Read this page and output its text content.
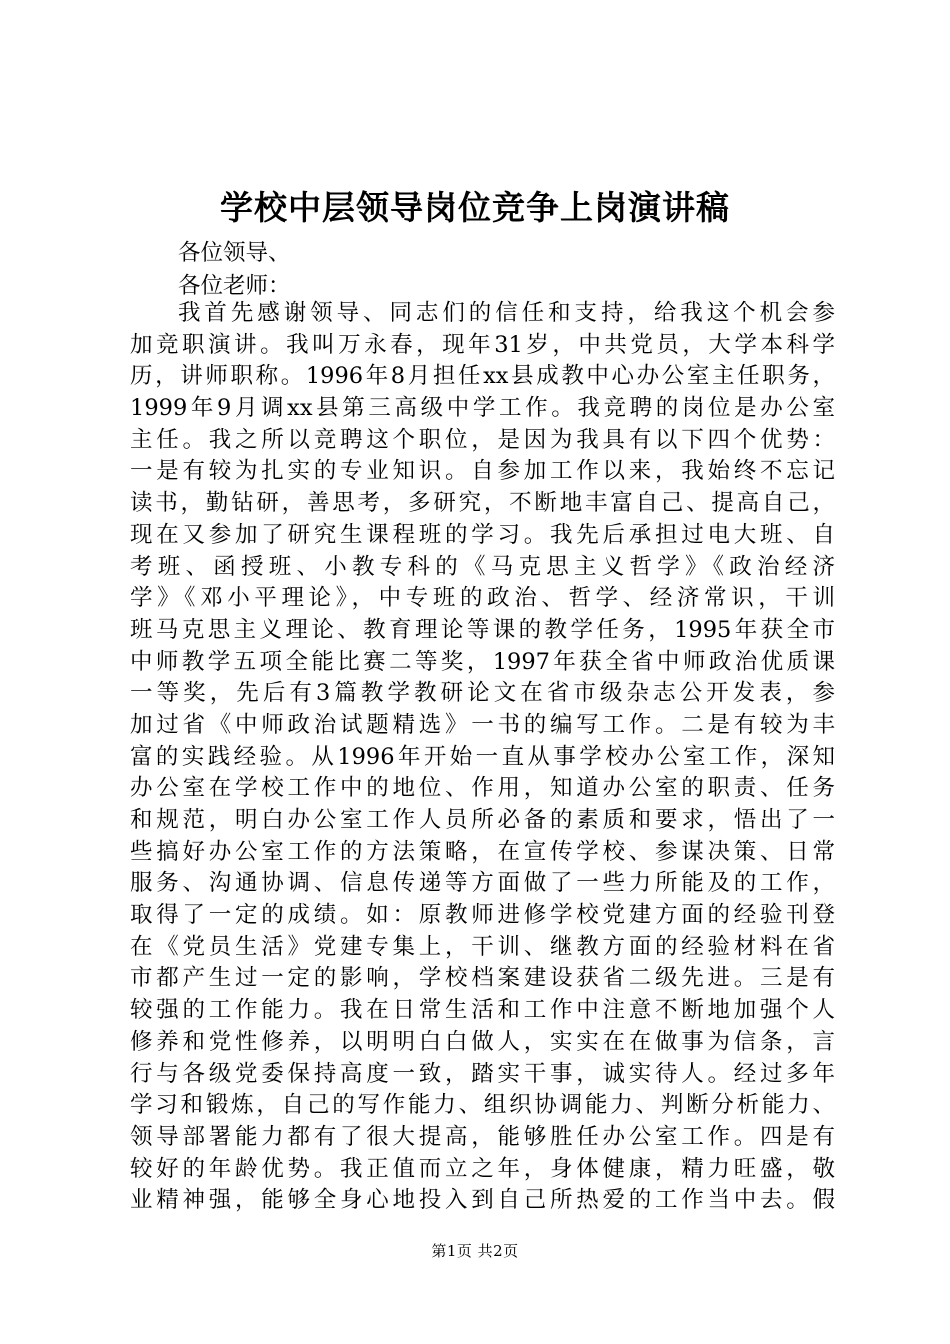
学校中层领导岗位竞争上岗演讲稿

各位领导、

各位老师：

我首先感谢领导、同志们的信任和支持，给我这个机会参
加竞职演讲。我叫万永春，现年31岁，中共党员，大学本科学
历，讲师职称。1996年8月担任xx县成教中心办公室主任职务，
1999年9月调xx县第三高级中学工作。我竞聘的岗位是办公室
主任。我之所以竞聘这个职位，是因为我具有以下四个优势：
一是有较为扎实的专业知识。自参加工作以来，我始终不忘记
读书，勤钻研，善思考，多研究，不断地丰富自己、提高自己，
现在又参加了研究生课程班的学习。我先后承担过电大班、自
考班、函授班、小教专科的《马克思主义哲学》《政治经济
学》《邓小平理论》，中专班的政治、哲学、经济常识，干训
班马克思主义理论、教育理论等课的教学任务，1995年获全市
中师教学五项全能比赛二等奖，1997年获全省中师政治优质课
一等奖，先后有3篇教学教研论文在省市级杂志公开发表，参
加过省《中师政治试题精选》一书的编写工作。二是有较为丰
富的实践经验。从1996年开始一直从事学校办公室工作，深知
办公室在学校工作中的地位、作用，知道办公室的职责、任务
和规范，明白办公室工作人员所必备的素质和要求，悟出了一
些搞好办公室工作的方法策略，在宣传学校、参谋决策、日常
服务、沟通协调、信息传递等方面做了一些力所能及的工作，
取得了一定的成绩。如：原教师进修学校党建方面的经验刊登
在《党员生活》党建专集上，干训、继教方面的经验材料在省
市都产生过一定的影响，学校档案建设获省二级先进。三是有
较强的工作能力。我在日常生活和工作中注意不断地加强个人
修养和党性修养，以明明白白做人，实实在在做事为信条，言
行与各级党委保持高度一致，踏实干事，诚实待人。经过多年
学习和锻炼，自己的写作能力、组织协调能力、判断分析能力、
领导部署能力都有了很大提高，能够胜任办公室工作。四是有
较好的年龄优势。我正值而立之年，身体健康，精力旺盛，敬
业精神强，能够全身心地投入到自己所热爱的工作当中去。假

第1页 共2页
